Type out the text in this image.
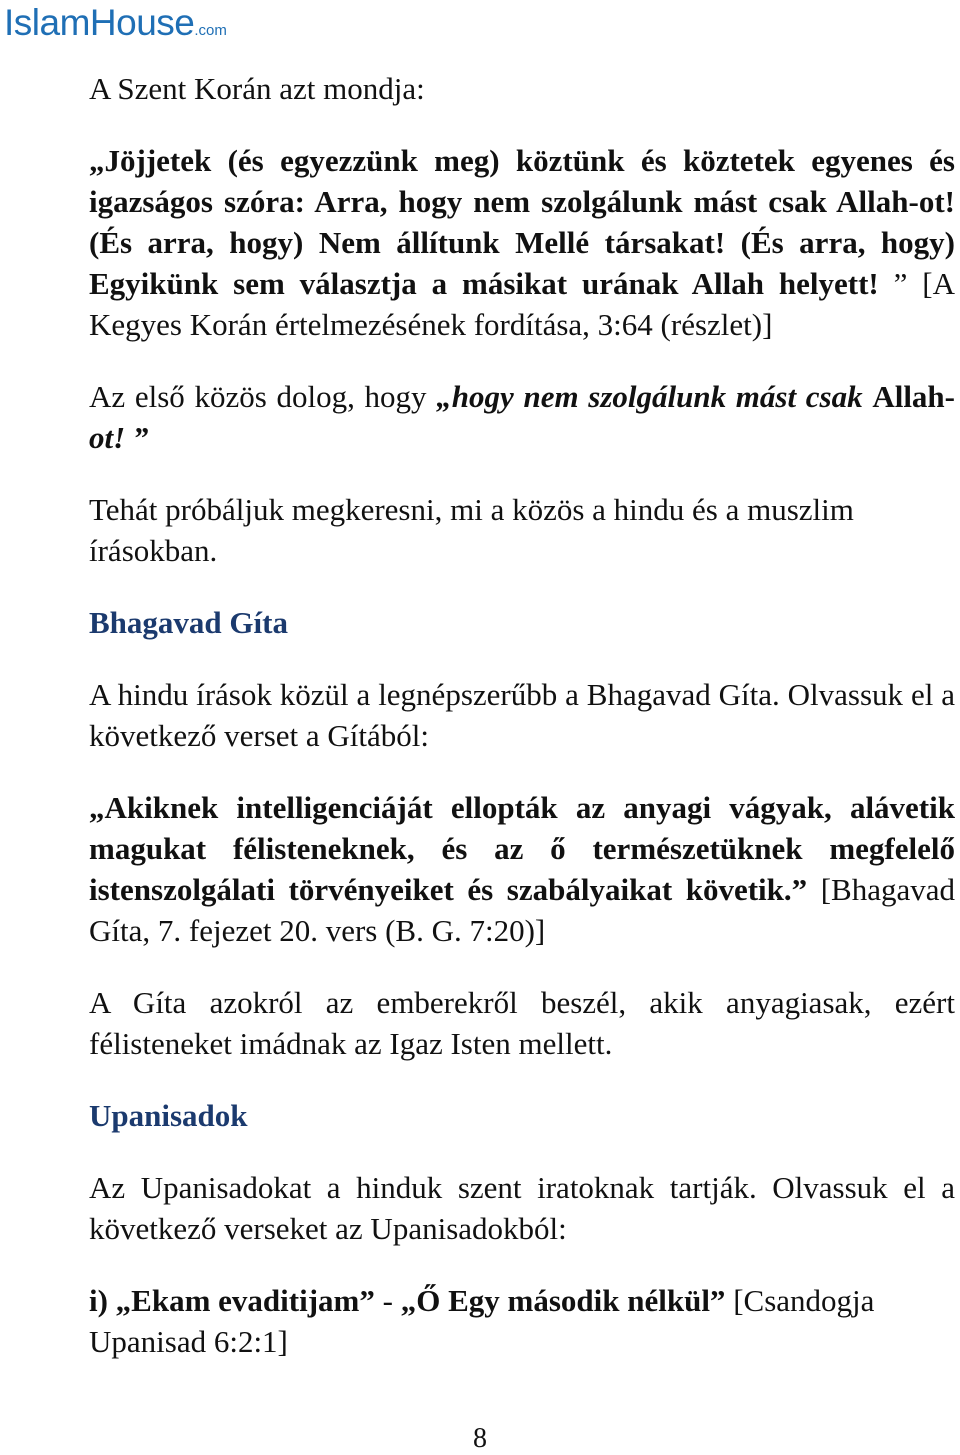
IslamHouse.com

A Szent Korán azt mondja:

„Jöjjetek (és egyezzünk meg) köztünk és köztetek egyenes és igazságos szóra: Arra, hogy nem szolgálunk mást csak Allah-ot! (És arra, hogy) Nem állítunk Mellé társakat! (És arra, hogy) Egyikünk sem választja a másikat urának Allah helyett! ” [A Kegyes Korán értelmezésének fordítása, 3:64 (részlet)]

Az első közös dolog, hogy „hogy nem szolgálunk mást csak Allah-ot! ”

Tehát próbáljuk megkeresni, mi a közös a hindu és a muszlim írásokban.

Bhagavad Gíta

A hindu írások közül a legnépszerűbb a Bhagavad Gíta. Olvassuk el a következő verset a Gítából:

„Akiknek intelligenciáját ellopták az anyagi vágyak, alávetik magukat félisteneknek, és az ő természetüknek megfelelő istenszolgálati törvényeiket és szabályaikat követik.” [Bhagavad Gíta, 7. fejezet 20. vers (B. G. 7:20)]

A Gíta azokról az emberekről beszél, akik anyagiasak, ezért félisteneket imádnak az Igaz Isten mellett.

Upanisadok

Az Upanisadokat a hinduk szent iratoknak tartják. Olvassuk el a következő verseket az Upanisadokból:

i) „Ekam evaditijam” - „Ő Egy második nélkül” [Csandogja Upanisad 6:2:1]

8
